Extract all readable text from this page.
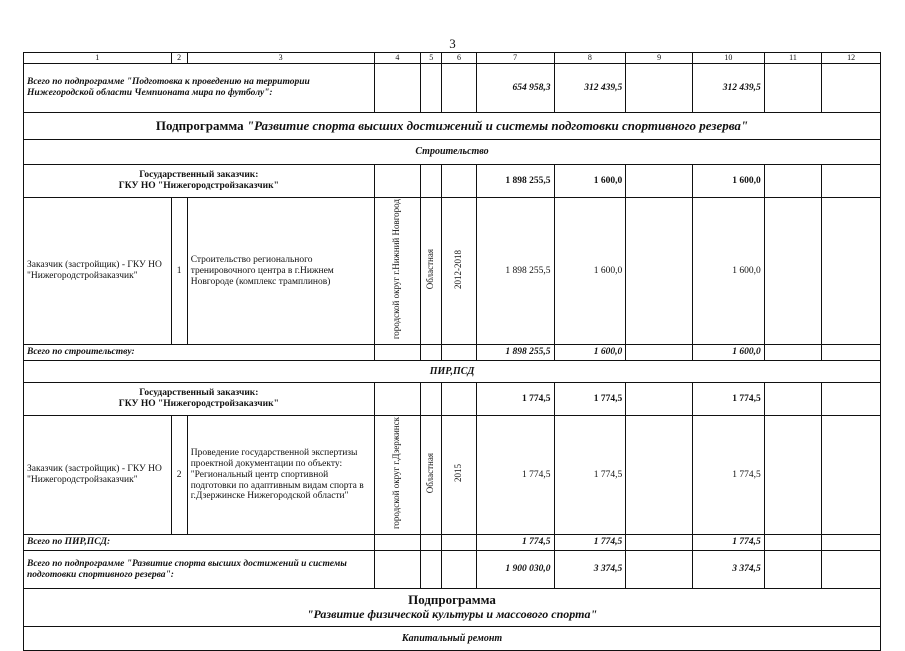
3
1	2	3	4	5	6	7	8	9	10	11	12
Всего по подпрограмме "Подготовка к проведению на территории Нижегородской области Чемпионата мира по футболу":						654 958,3	312 439,5		312 439,5		
Подпрограмма "Развитие спорта высших достижений и системы подготовки спортивного резерва"											
Строительство											

Государственный заказчик:
ГКУ НО "Нижегородстройзаказчик"						1 898 255,5	1 600,0		1 600,0		
Заказчик (застройщик) - ГКУ НО "Нижегородстройзаказчик"	1	Строительство регионального тренировочного центра в г.Нижнем Новгороде (комплекс трамплинов)	городской округ г.Нижний Новгород	Областная	2012-2018	1 898 255,5	1 600,0		1 600,0		
Всего по строительству:						1 898 255,5	1 600,0		1 600,0		
ПИР,ПСД											

Государственный заказчик:
ГКУ НО "Нижегородстройзаказчик"						1 774,5	1 774,5		1 774,5		
Заказчик (застройщик) - ГКУ НО "Нижегородстройзаказчик"	2	Проведение государственной экспертизы проектной документации по объекту: "Региональный центр спортивной подготовки по адаптивным видам спорта в г.Дзержинске Нижегородской области"	городской округ г.Дзержинск	Областная	2015	1 774,5	1 774,5		1 774,5		
Всего по ПИР,ПСД:						1 774,5	1 774,5		1 774,5		
Всего по подпрограмме "Развитие спорта высших достижений и системы подготовки спортивного резерва":						1 900 030,0	3 374,5		3 374,5		

Подпрограмма
"Развитие физической культуры и массового спорта"											

Капитальный ремонт											
